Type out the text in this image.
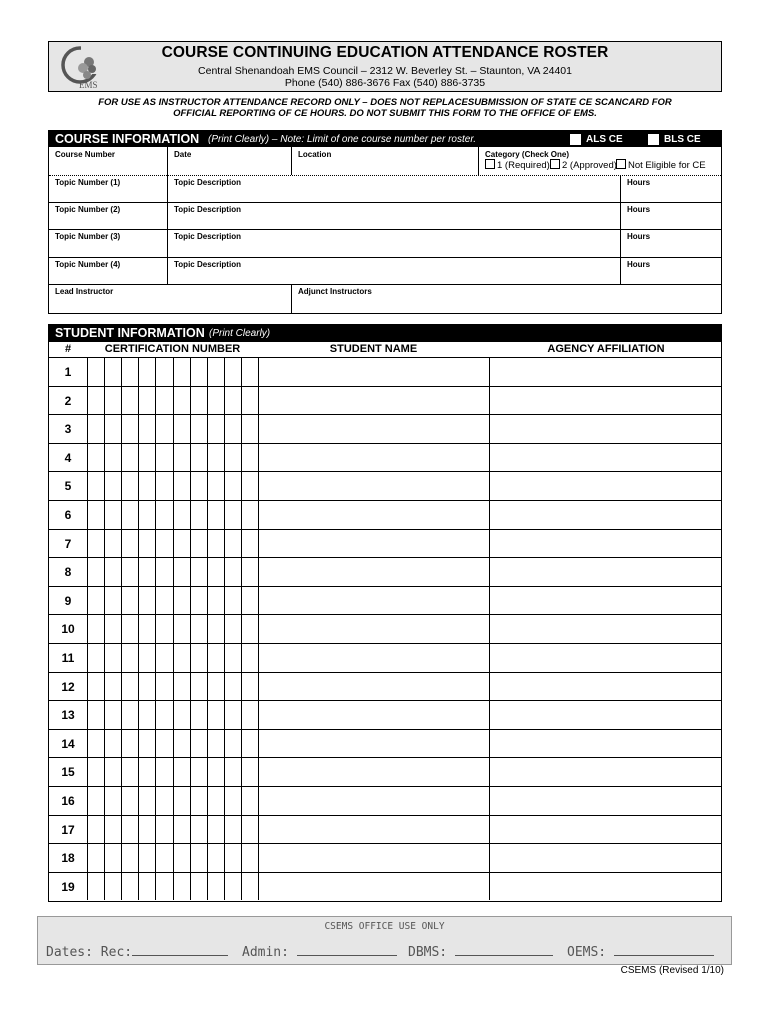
EMS
COURSE CONTINUING EDUCATION ATTENDANCE ROSTER
Central Shenandoah EMS Council – 2312 W. Beverley St. – Staunton, VA 24401
Phone (540) 886-3676 Fax (540) 886-3735
FOR USE AS INSTRUCTOR ATTENDANCE RECORD ONLY – DOES NOT REPLACESUBMISSION OF STATE CE SCANCARD FOR
OFFICIAL REPORTING OF CE HOURS. DO NOT SUBMIT THIS FORM TO THE OFFICE OF EMS.
COURSE INFORMATION (Print Clearly) – Note: Limit of one course number per roster.	ALS CE	BLS CE
Course Number	Date	Location	Category (Check One)
1 (Required)	2 (Approved)	Not Eligible for CE
Topic Number (1)	Topic Description	Hours
Topic Number (2)	Topic Description	Hours
Topic Number (3)	Topic Description	Hours
Topic Number (4)	Topic Description	Hours
Lead Instructor	Adjunct Instructors
STUDENT INFORMATION (Print Clearly)
#	CERTIFICATION NUMBER	STUDENT NAME	AGENCY AFFILIATION
1
2
3
4
5
6
7
8
9
10
11
12
13
14
15
16
17
18
19
CSEMS OFFICE USE ONLY
Dates: Rec:	Admin:	DBMS:	OEMS:
CSEMS (Revised 1/10)
